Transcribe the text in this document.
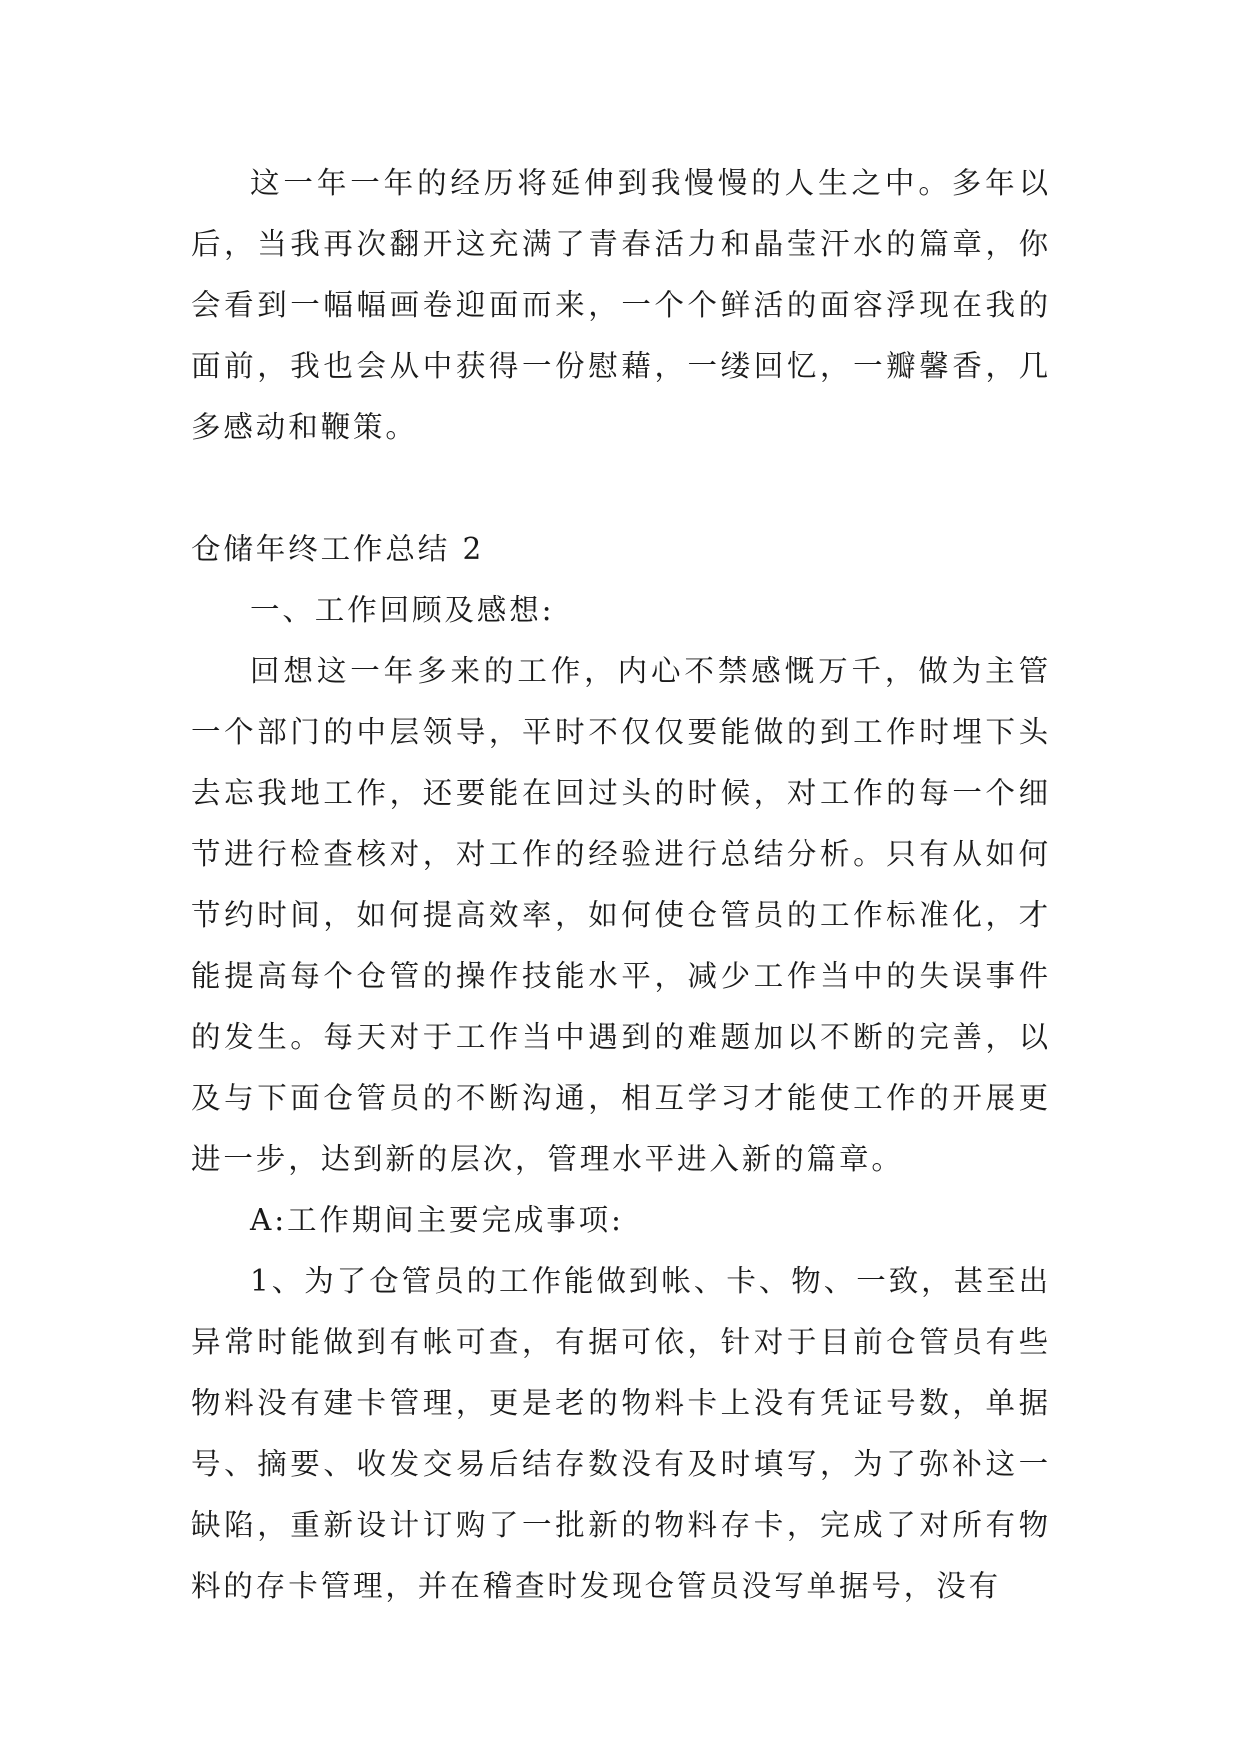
这一年一年的经历将延伸到我慢慢的人生之中。多年以后，当我再次翻开这充满了青春活力和晶莹汗水的篇章，你会看到一幅幅画卷迎面而来，一个个鲜活的面容浮现在我的面前，我也会从中获得一份慰藉，一缕回忆，一瓣馨香，几多感动和鞭策。

仓储年终工作总结 2

一、工作回顾及感想:

回想这一年多来的工作，内心不禁感慨万千，做为主管一个部门的中层领导，平时不仅仅要能做的到工作时埋下头去忘我地工作，还要能在回过头的时候，对工作的每一个细节进行检查核对，对工作的经验进行总结分析。只有从如何节约时间，如何提高效率，如何使仓管员的工作标准化，才能提高每个仓管的操作技能水平，减少工作当中的失误事件的发生。每天对于工作当中遇到的难题加以不断的完善，以及与下面仓管员的不断沟通，相互学习才能使工作的开展更进一步，达到新的层次，管理水平进入新的篇章。

A:工作期间主要完成事项:

1、为了仓管员的工作能做到帐、卡、物、一致，甚至出异常时能做到有帐可查，有据可依，针对于目前仓管员有些物料没有建卡管理，更是老的物料卡上没有凭证号数，单据号、摘要、收发交易后结存数没有及时填写，为了弥补这一缺陷，重新设计订购了一批新的物料存卡，完成了对所有物料的存卡管理，并在稽查时发现仓管员没写单据号，没有
